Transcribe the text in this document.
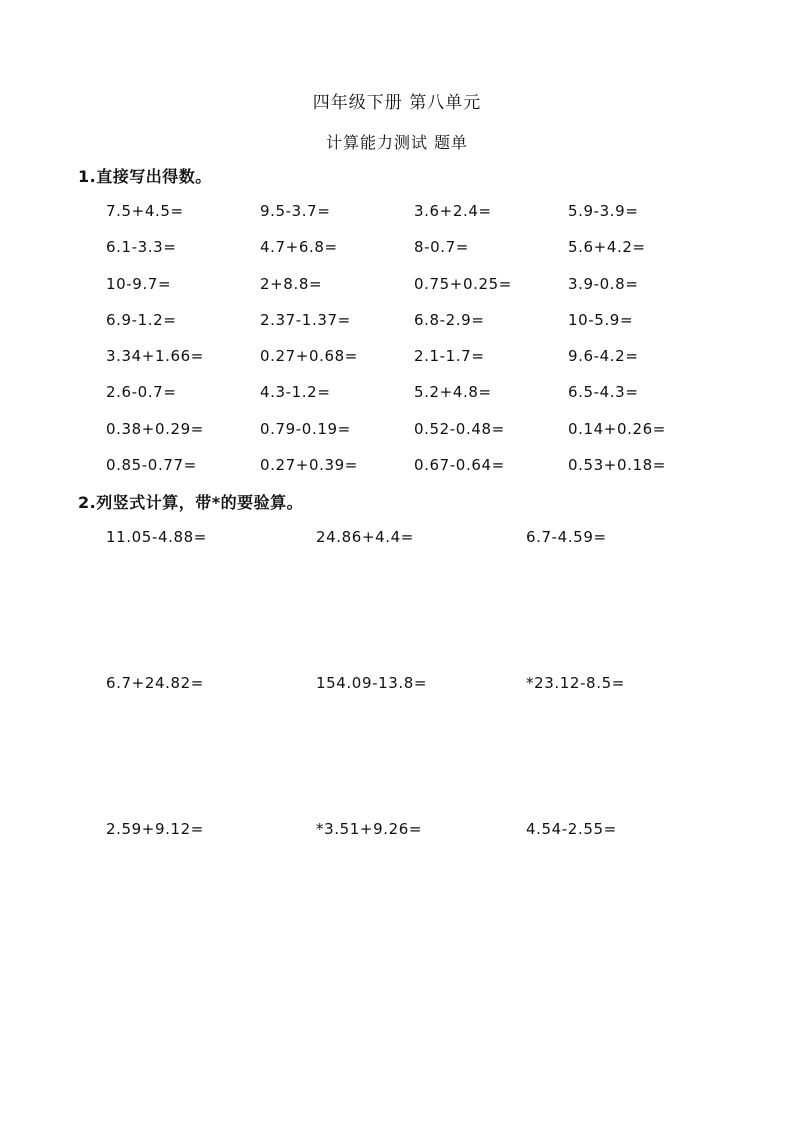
四年级下册 第八单元
计算能力测试 题单
1.直接写出得数。
7.5+4.5=	9.5-3.7=	3.6+2.4=	5.9-3.9=
6.1-3.3=	4.7+6.8=	8-0.7=	5.6+4.2=
10-9.7=	2+8.8=	0.75+0.25=	3.9-0.8=
6.9-1.2=	2.37-1.37=	6.8-2.9=	10-5.9=
3.34+1.66=	0.27+0.68=	2.1-1.7=	9.6-4.2=
2.6-0.7=	4.3-1.2=	5.2+4.8=	6.5-4.3=
0.38+0.29=	0.79-0.19=	0.52-0.48=	0.14+0.26=
0.85-0.77=	0.27+0.39=	0.67-0.64=	0.53+0.18=
2.列竖式计算，带*的要验算。
11.05-4.88=	24.86+4.4=	6.7-4.59=
6.7+24.82=	154.09-13.8=	*23.12-8.5=
2.59+9.12=	*3.51+9.26=	4.54-2.55=
